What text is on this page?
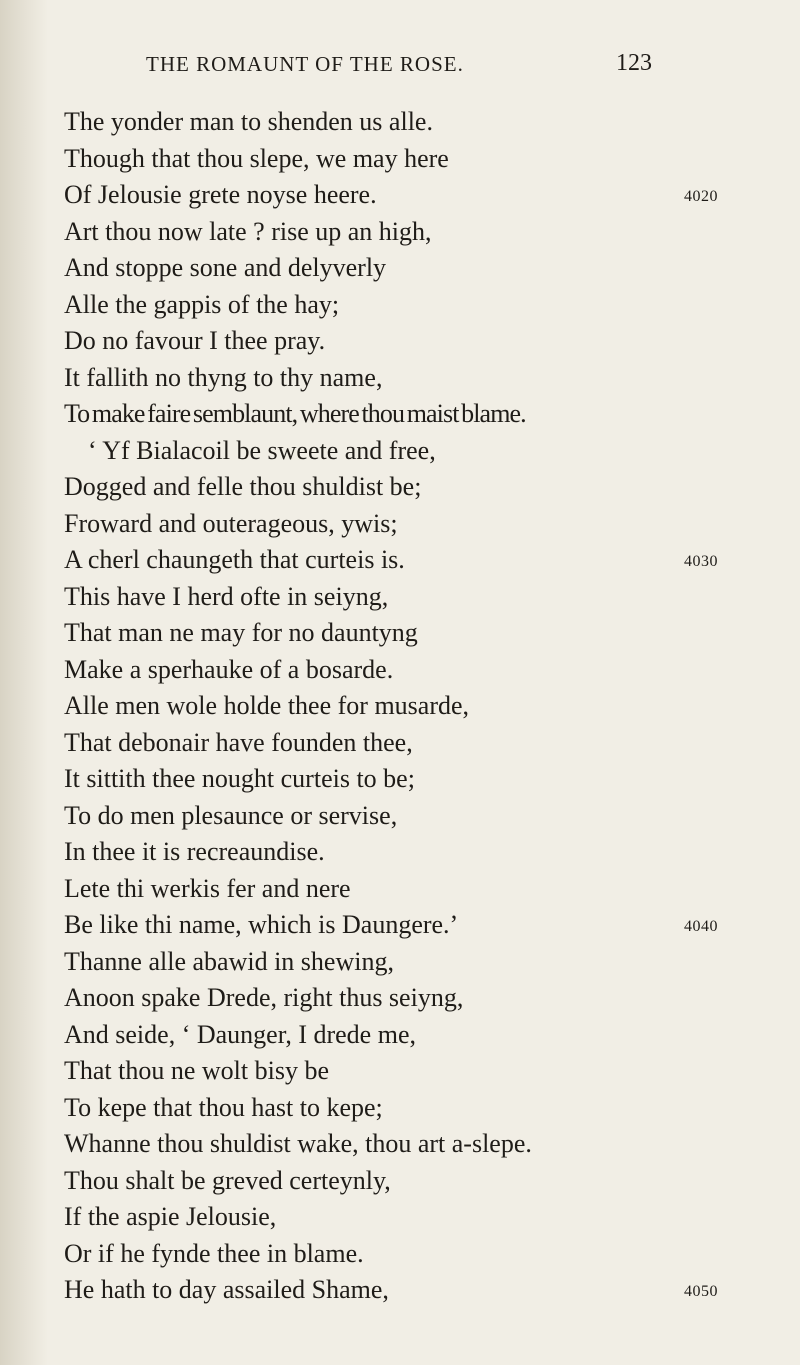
THE ROMAUNT OF THE ROSE.	123
The yonder man to shenden us alle.
Though that thou slepe, we may here
Of Jelousie grete noyse heere.	4020
Art thou now late ? rise up an high,
And stoppe sone and delyverly
Alle the gappis of the hay;
Do no favour I thee pray.
It fallith no thyng to thy name,
To make faire semblaunt, where thou maist blame.
‘ Yf Bialacoil be sweete and free,
Dogged and felle thou shuldist be;
Froward and outerageous, ywis;
A cherl chaungeth that curteis is.	4030
This have I herd ofte in seiyng,
That man ne may for no dauntyng
Make a sperhauke of a bosarde.
Alle men wole holde thee for musarde,
That debonair have founden thee,
It sittith thee nought curteis to be;
To do men plesaunce or servise,
In thee it is recreaundise.
Lete thi werkis fer and nere
Be like thi name, which is Daungere.’	4040
Thanne alle abawid in shewing,
Anoon spake Drede, right thus seiyng,
And seide, ‘ Daunger, I drede me,
That thou ne wolt bisy be
To kepe that thou hast to kepe;
Whanne thou shuldist wake, thou art a-slepe.
Thou shalt be greved certeynly,
If the aspie Jelousie,
Or if he fynde thee in blame.
He hath to day assailed Shame,	4050
